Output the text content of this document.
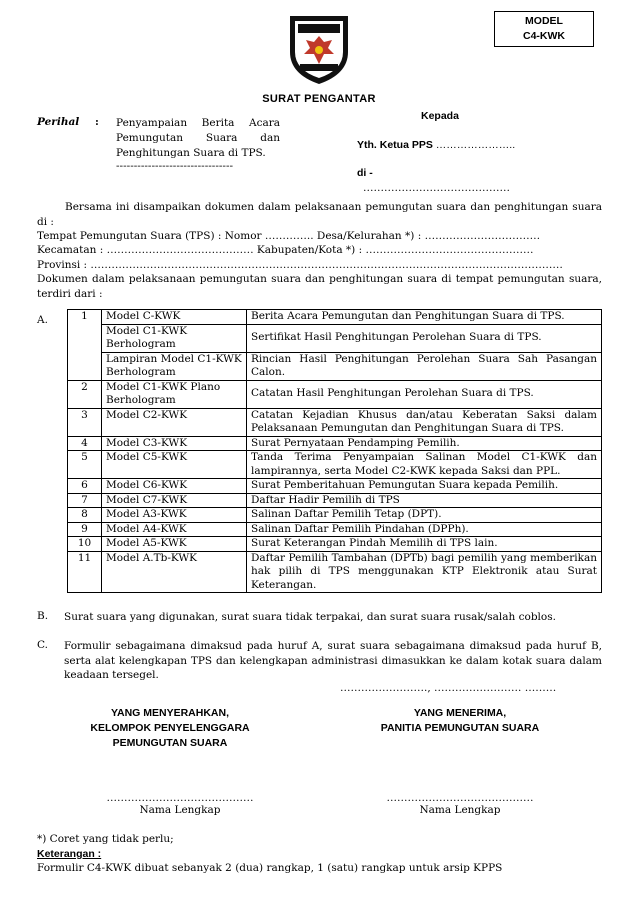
MODEL
C4-KWK
SURAT PENGANTAR
Perihal : Penyampaian Berita Acara Pemungutan Suara dan Penghitungan Suara di TPS.
---------------------------------
Kepada
Yth. Ketua PPS …………………..
di -
……………………………………
Bersama ini disampaikan dokumen dalam pelaksanaan pemungutan suara dan penghitungan suara di :
Tempat Pemungutan Suara (TPS) : Nomor ………….. Desa/Kelurahan *) : ……………………………
Kecamatan : …………………………………… Kabupaten/Kota *) : …………………………………………
Provinsi : ………………………………………………………………………………………………………………………
Dokumen dalam pelaksanaan pemungutan suara dan penghitungan suara di tempat pemungutan suara, terdiri dari :
A.	1	Model C-KWK	Berita Acara Pemungutan dan Penghitungan Suara di TPS.
	Model C1-KWK Berhologram	Sertifikat Hasil Penghitungan Perolehan Suara di TPS.
	Lampiran Model C1-KWK Berhologram	Rincian Hasil Penghitungan Perolehan Suara Sah Pasangan Calon.
2	Model C1-KWK Plano Berhologram	Catatan Hasil Penghitungan Perolehan Suara di TPS.
3	Model C2-KWK	Catatan Kejadian Khusus dan/atau Keberatan Saksi dalam Pelaksanaan Pemungutan dan Penghitungan Suara di TPS.
4	Model C3-KWK	Surat Pernyataan Pendamping Pemilih.
5	Model C5-KWK	Tanda Terima Penyampaian Salinan Model C1-KWK dan lampirannya, serta Model C2-KWK kepada Saksi dan PPL.
6	Model C6-KWK	Surat Pemberitahuan Pemungutan Suara kepada Pemilih.
7	Model C7-KWK	Daftar Hadir Pemilih di TPS
8	Model A3-KWK	Salinan Daftar Pemilih Tetap (DPT).
9	Model A4-KWK	Salinan Daftar Pemilih Pindahan (DPPh).
10	Model A5-KWK	Surat Keterangan Pindah Memilih di TPS lain.
11	Model A.Tb-KWK	Daftar Pemilih Tambahan (DPTb) bagi pemilih yang memberikan hak pilih di TPS menggunakan KTP Elektronik atau Surat Keterangan.
B. Surat suara yang digunakan, surat suara tidak terpakai, dan surat suara rusak/salah coblos.
C. Formulir sebagaimana dimaksud pada huruf A, surat suara sebagaimana dimaksud pada huruf B, serta alat kelengkapan TPS dan kelengkapan administrasi dimasukkan ke dalam kotak suara dalam keadaan tersegel.
……………………., ……………………. ………
YANG MENYERAHKAN,
KELOMPOK PENYELENGGARA
PEMUNGUTAN SUARA
YANG MENERIMA,
PANITIA PEMUNGUTAN SUARA
……………………………………
Nama Lengkap
……………………………………
Nama Lengkap
*) Coret yang tidak perlu;
Keterangan :
Formulir C4-KWK dibuat sebanyak 2 (dua) rangkap, 1 (satu) rangkap untuk arsip KPPS
